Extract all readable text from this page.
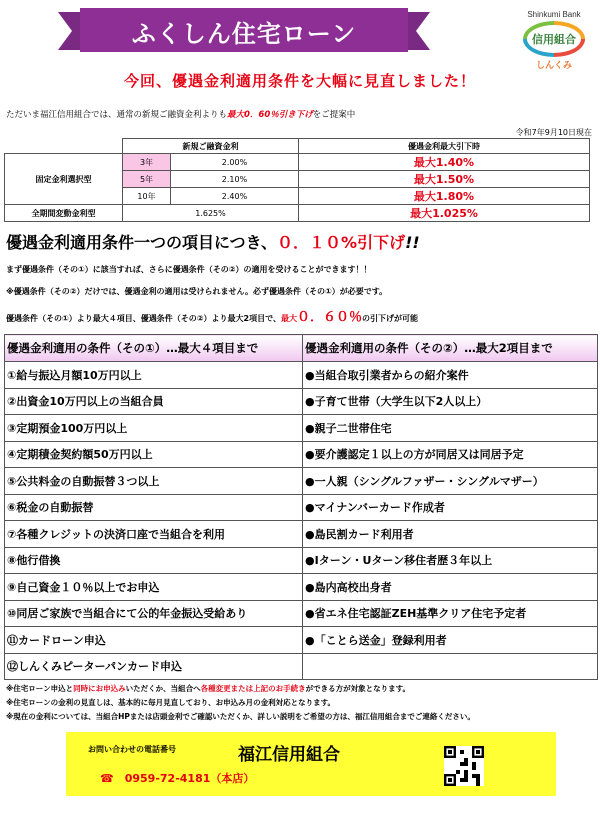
ふくしん住宅ローン
Shinkumi Bank
信用組合
しんくみ
今回、優遇金利適用条件を大幅に見直しました！
ただいま福江信用組合では、通常の新規ご融資金利よりも最大0．60％引き下げをご提案中
令和7年9月10日現在
	新規ご融資金利		優遇金利最大引下時
固定金利選択型	3年	2.00%	最大1.40%
	5年	2.10%	最大1.50%
	10年	2.40%	最大1.80%
全期間変動金利型	1.625%		最大1.025%
優遇金利適用条件一つの項目につき、０．１０%引下げ!!
まず優遇条件（その①）に該当すれば、さらに優遇条件（その②）の適用を受けることができます！！
※優遇条件（その②）だけでは、優遇金利の適用は受けられません。必ず優遇条件（その①）が必要です。
優遇条件（その①）より最大４項目、優遇条件（その②）より最大2項目で、最大０．６０％の引下げが可能
優遇金利適用の条件（その①）…最大４項目まで	優遇金利適用の条件（その②）…最大2項目まで
①給与振込月額10万円以上	●当組合取引業者からの紹介案件
②出資金10万円以上の当組合員	●子育て世帯（大学生以下2人以上）
③定期預金100万円以上	●親子二世帯住宅
④定期積金契約額50万円以上	●要介護認定１以上の方が同居又は同居予定
⑤公共料金の自動振替３つ以上	●一人親（シングルファザー・シングルマザー）
⑥税金の自動振替	●マイナンバーカード作成者
⑦各種クレジットの決済口座で当組合を利用	●島民割カード利用者
⑧他行借換	●Iターン・Uターン移住者歴３年以上
⑨自己資金１０％以上でお申込	●島内高校出身者
⑩同居ご家族で当組合にて公的年金振込受給あり	●省エネ住宅認証ZEH基準クリア住宅予定者
⑪カードローン申込	●「ことら送金」登録利用者
⑫しんくみピーターパンカード申込	
※住宅ローン申込と同時にお申込みいただくか、当組合へ各種変更または上記のお手続きができる方が対象となります。
※住宅ローンの金利の見直しは、基本的に毎月見直しており、お申込み月の金利対応となります。
※現在の金利については、当組合HPまたは店頭金利でご確認いただくか、詳しい説明をご希望の方は、福江信用組合までご連絡ください。
お問い合わせの電話番号	福江信用組合
☎　0959-72-4181（本店）
